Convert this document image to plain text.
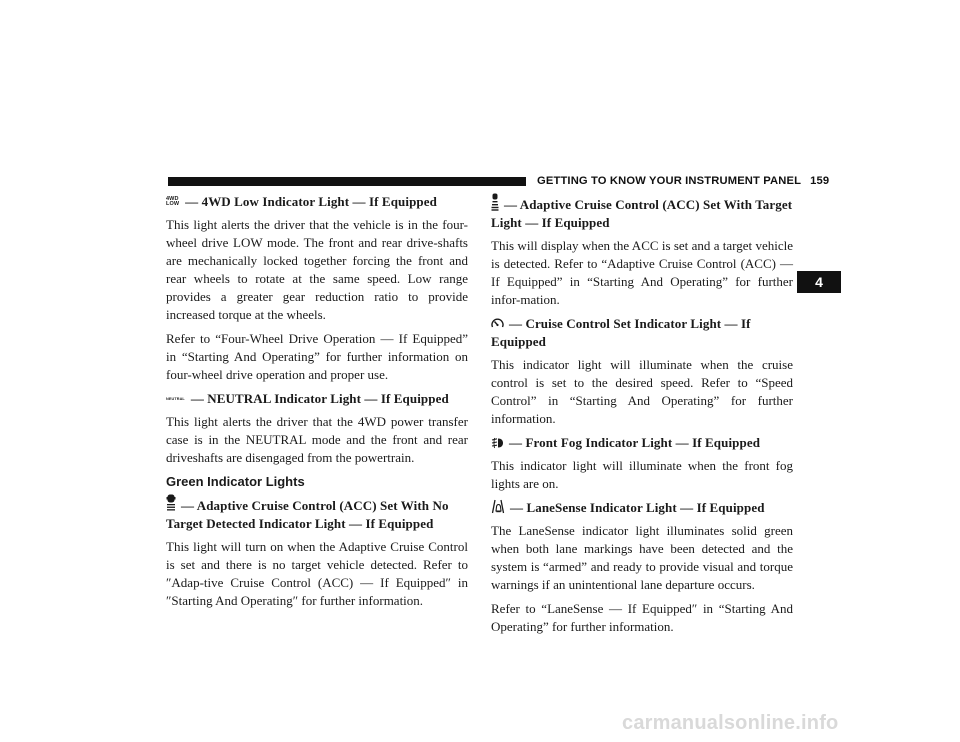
GETTING TO KNOW YOUR INSTRUMENT PANEL 159
4
4WD
LOW — 4WD Low Indicator Light — If Equipped

This light alerts the driver that the vehicle is in the four-wheel drive LOW mode. The front and rear drive-shafts are mechanically locked together forcing the front and rear wheels to rotate at the same speed. Low range provides a greater gear reduction ratio to provide increased torque at the wheels.

Refer to “Four-Wheel Drive Operation — If Equipped” in “Starting And Operating” for further information on four-wheel drive operation and proper use.

NEUTRAL — NEUTRAL Indicator Light — If Equipped

This light alerts the driver that the 4WD power transfer case is in the NEUTRAL mode and the front and rear driveshafts are disengaged from the powertrain.

Green Indicator Lights
— Adaptive Cruise Control (ACC) Set With No Target Detected Indicator Light — If Equipped

This light will turn on when the Adaptive Cruise Control is set and there is no target vehicle detected. Refer to ″Adap-tive Cruise Control (ACC) — If Equipped″ in ″Starting And Operating″ for further information.

— Adaptive Cruise Control (ACC) Set With Target Light — If Equipped

This will display when the ACC is set and a target vehicle is detected. Refer to “Adaptive Cruise Control (ACC) — If Equipped” in “Starting And Operating” for further infor-mation.

— Cruise Control Set Indicator Light — If Equipped

This indicator light will illuminate when the cruise control is set to the desired speed. Refer to “Speed Control” in “Starting And Operating” for further information.

— Front Fog Indicator Light — If Equipped

This indicator light will illuminate when the front fog lights are on.

— LaneSense Indicator Light — If Equipped

The LaneSense indicator light illuminates solid green when both lane markings have been detected and the system is “armed” and ready to provide visual and torque warnings if an unintentional lane departure occurs.

Refer to “LaneSense — If Equipped″ in “Starting And Operating” for further information.

carmanualsonline.info
